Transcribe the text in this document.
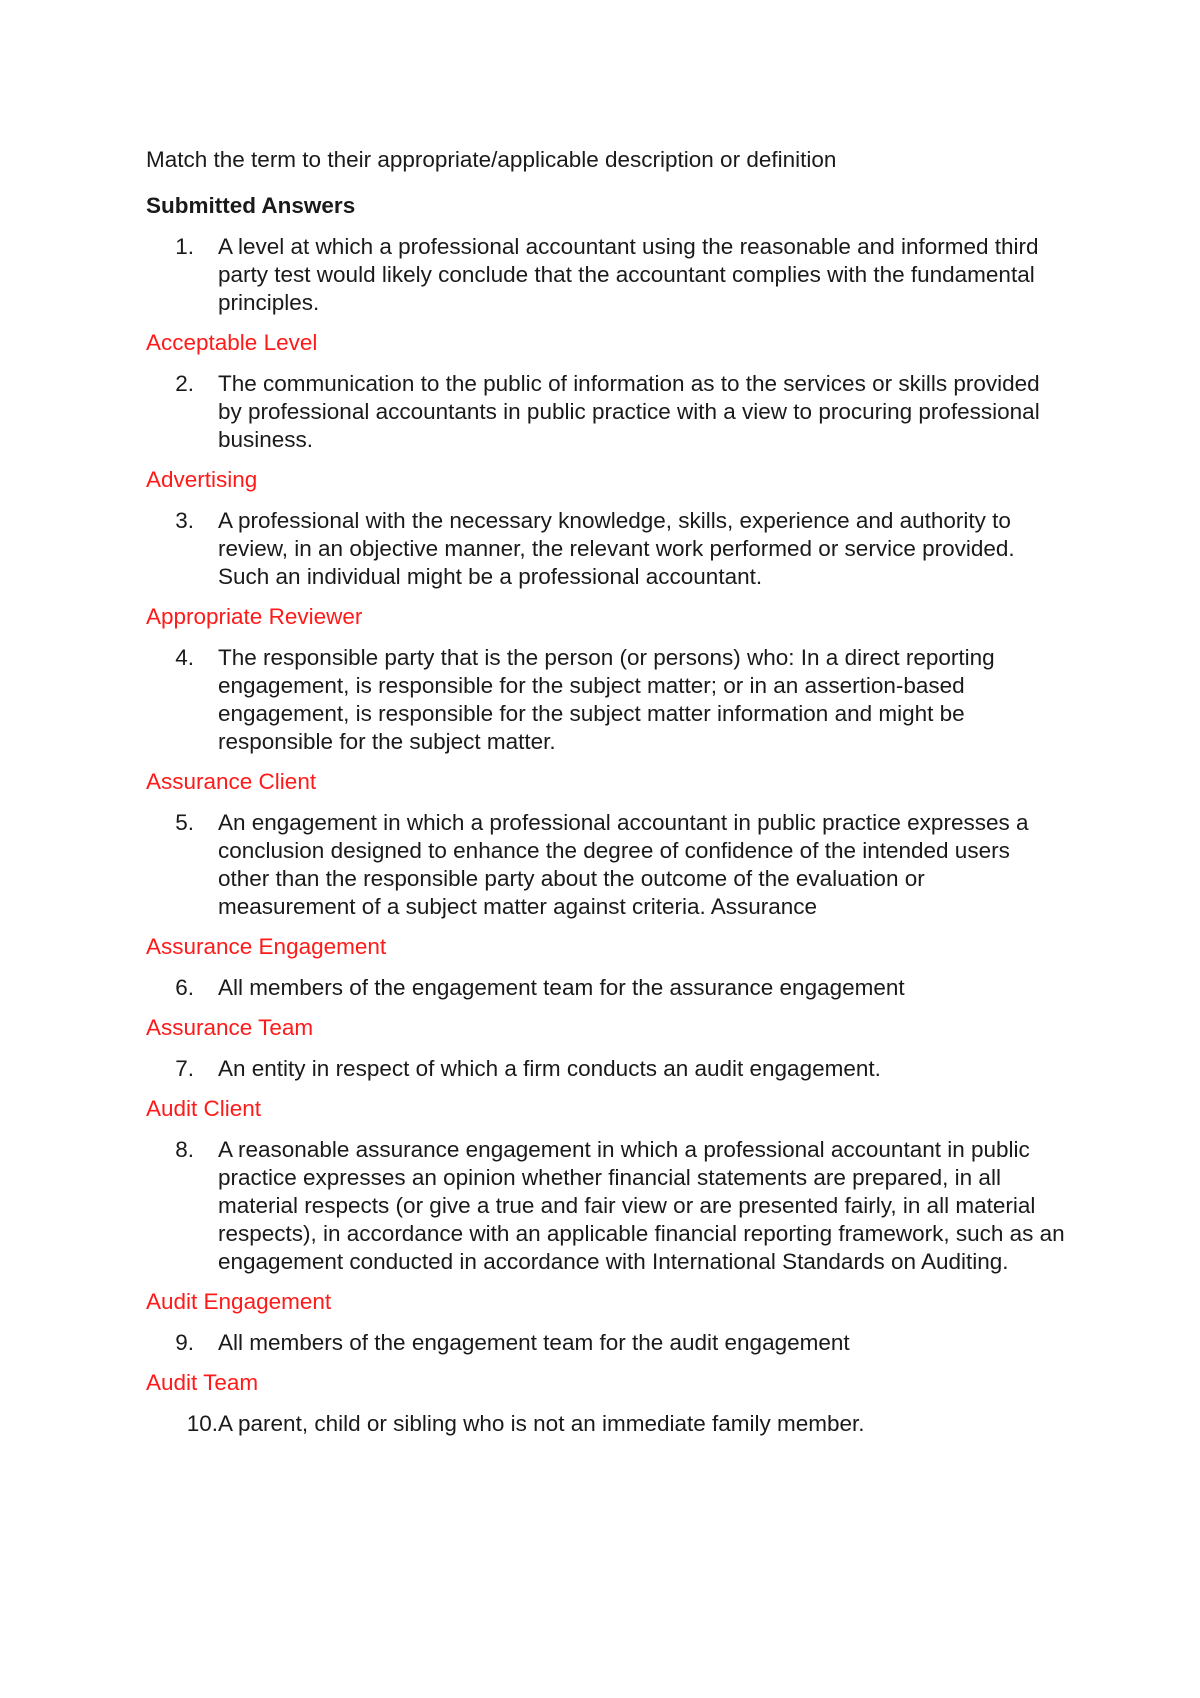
Match the term to their appropriate/applicable description or definition

Submitted Answers

1.	A level at which a professional accountant using the reasonable and informed third party test would likely conclude that the accountant complies with the fundamental principles.

Acceptable Level

2.	The communication to the public of information as to the services or skills provided by professional accountants in public practice with a view to procuring professional business.

Advertising

3.	A professional with the necessary knowledge, skills, experience and authority to review, in an objective manner, the relevant work performed or service provided. Such an individual might be a professional accountant.

Appropriate Reviewer

4.	The responsible party that is the person (or persons) who: In a direct reporting engagement, is responsible for the subject matter; or in an assertion-based engagement, is responsible for the subject matter information and might be responsible for the subject matter.

Assurance Client

5.	An engagement in which a professional accountant in public practice expresses a conclusion designed to enhance the degree of confidence of the intended users other than the responsible party about the outcome of the evaluation or measurement of a subject matter against criteria. Assurance

Assurance Engagement

6.	All members of the engagement team for the assurance engagement

Assurance Team

7.	An entity in respect of which a firm conducts an audit engagement.

Audit Client

8.	A reasonable assurance engagement in which a professional accountant in public practice expresses an opinion whether financial statements are prepared, in all material respects (or give a true and fair view or are presented fairly, in all material respects), in accordance with an applicable financial reporting framework, such as an engagement conducted in accordance with International Standards on Auditing.

Audit Engagement

9.	All members of the engagement team for the audit engagement

Audit Team

10. A parent, child or sibling who is not an immediate family member.
